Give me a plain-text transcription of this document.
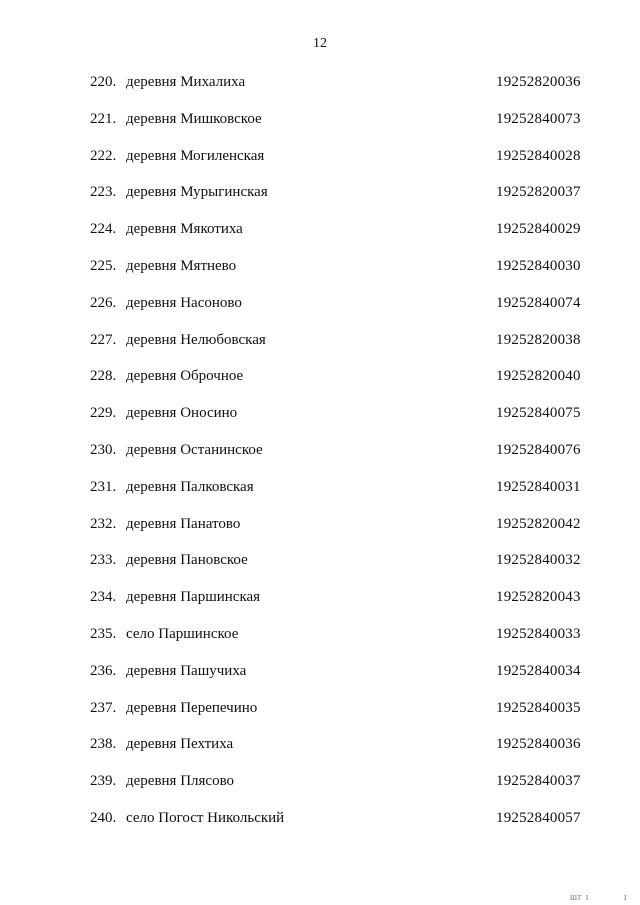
12
220. деревня Михалиха	19252820036
221. деревня Мишковское	19252840073
222. деревня Могиленская	19252840028
223. деревня Мурыгинская	19252820037
224. деревня Мякотиха	19252840029
225. деревня Мятнево	19252840030
226. деревня Насоново	19252840074
227. деревня Нелюбовская	19252820038
228. деревня Оброчное	19252820040
229. деревня Оносино	19252840075
230. деревня Останинское	19252840076
231. деревня Палковская	19252840031
232. деревня Панатово	19252820042
233. деревня Пановское	19252840032
234. деревня Паршинская	19252820043
235. село Паршинское	19252840033
236. деревня Пашучиха	19252840034
237. деревня Перепечино	19252840035
238. деревня Пехтиха	19252840036
239. деревня Плясово	19252840037
240. село Погост Никольский	19252840057
ШГ I	I
